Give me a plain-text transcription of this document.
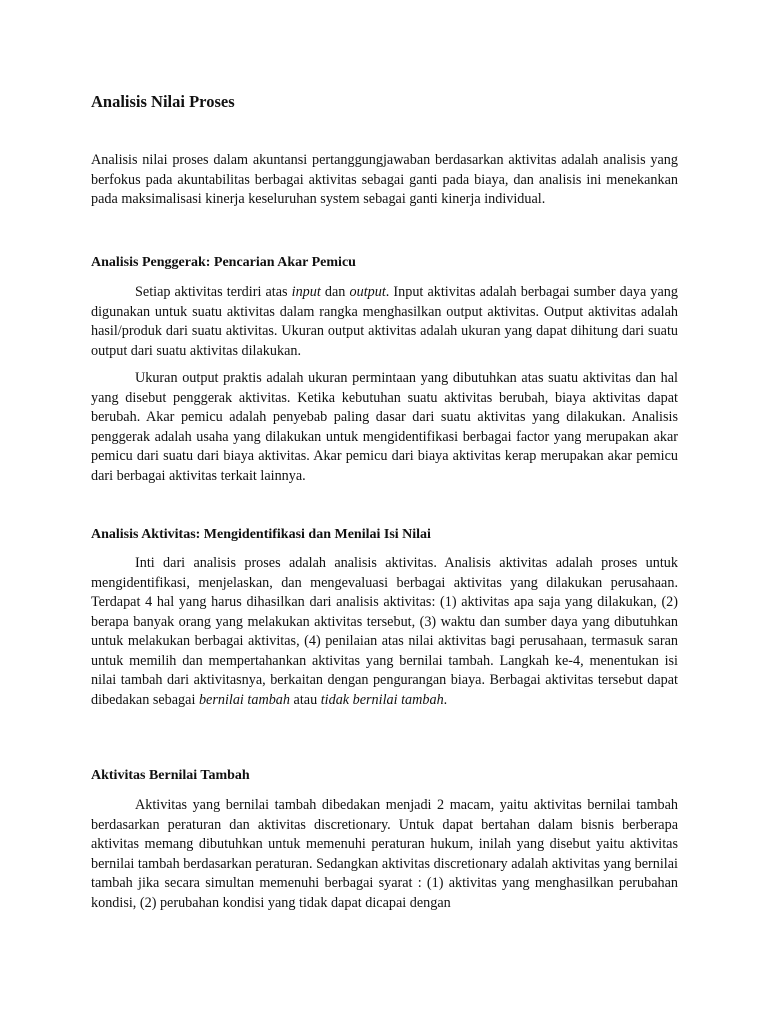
Analisis Nilai Proses

Analisis nilai proses dalam akuntansi pertanggungjawaban berdasarkan aktivitas adalah analisis yang berfokus pada akuntabilitas berbagai aktivitas sebagai ganti pada biaya, dan analisis ini menekankan pada maksimalisasi kinerja keseluruhan system sebagai ganti kinerja individual.

Analisis Penggerak: Pencarian Akar Pemicu

Setiap aktivitas terdiri atas input dan output. Input aktivitas adalah berbagai sumber daya yang digunakan untuk suatu aktivitas dalam rangka menghasilkan output aktivitas. Output aktivitas adalah hasil/produk dari suatu aktivitas. Ukuran output aktivitas adalah ukuran yang dapat dihitung dari suatu output dari suatu aktivitas dilakukan.

Ukuran output praktis adalah ukuran permintaan yang dibutuhkan atas suatu aktivitas dan hal yang disebut penggerak aktivitas. Ketika kebutuhan suatu aktivitas berubah, biaya aktivitas dapat berubah. Akar pemicu adalah penyebab paling dasar dari suatu aktivitas yang dilakukan. Analisis penggerak adalah usaha yang dilakukan untuk mengidentifikasi berbagai factor yang merupakan akar pemicu dari suatu dari biaya aktivitas. Akar pemicu dari biaya aktivitas kerap merupakan akar pemicu dari berbagai aktivitas terkait lainnya.

Analisis Aktivitas: Mengidentifikasi dan Menilai Isi Nilai

Inti dari analisis proses adalah analisis aktivitas. Analisis aktivitas adalah proses untuk mengidentifikasi, menjelaskan, dan mengevaluasi berbagai aktivitas yang dilakukan perusahaan. Terdapat 4 hal yang harus dihasilkan dari analisis aktivitas: (1) aktivitas apa saja yang dilakukan, (2) berapa banyak orang yang melakukan aktivitas tersebut, (3) waktu dan sumber daya yang dibutuhkan untuk melakukan berbagai aktivitas, (4) penilaian atas nilai aktivitas bagi perusahaan, termasuk saran untuk memilih dan mempertahankan aktivitas yang bernilai tambah. Langkah ke-4, menentukan isi nilai tambah dari aktivitasnya, berkaitan dengan pengurangan biaya. Berbagai aktivitas tersebut dapat dibedakan sebagai bernilai tambah atau tidak bernilai tambah.

Aktivitas Bernilai Tambah

Aktivitas yang bernilai tambah dibedakan menjadi 2 macam, yaitu aktivitas bernilai tambah berdasarkan peraturan dan aktivitas discretionary. Untuk dapat bertahan dalam bisnis berberapa aktivitas memang dibutuhkan untuk memenuhi peraturan hukum, inilah yang disebut yaitu aktivitas bernilai tambah berdasarkan peraturan. Sedangkan aktivitas discretionary adalah aktivitas yang bernilai tambah jika secara simultan memenuhi berbagai syarat : (1) aktivitas yang menghasilkan perubahan kondisi, (2) perubahan kondisi yang tidak dapat dicapai dengan
